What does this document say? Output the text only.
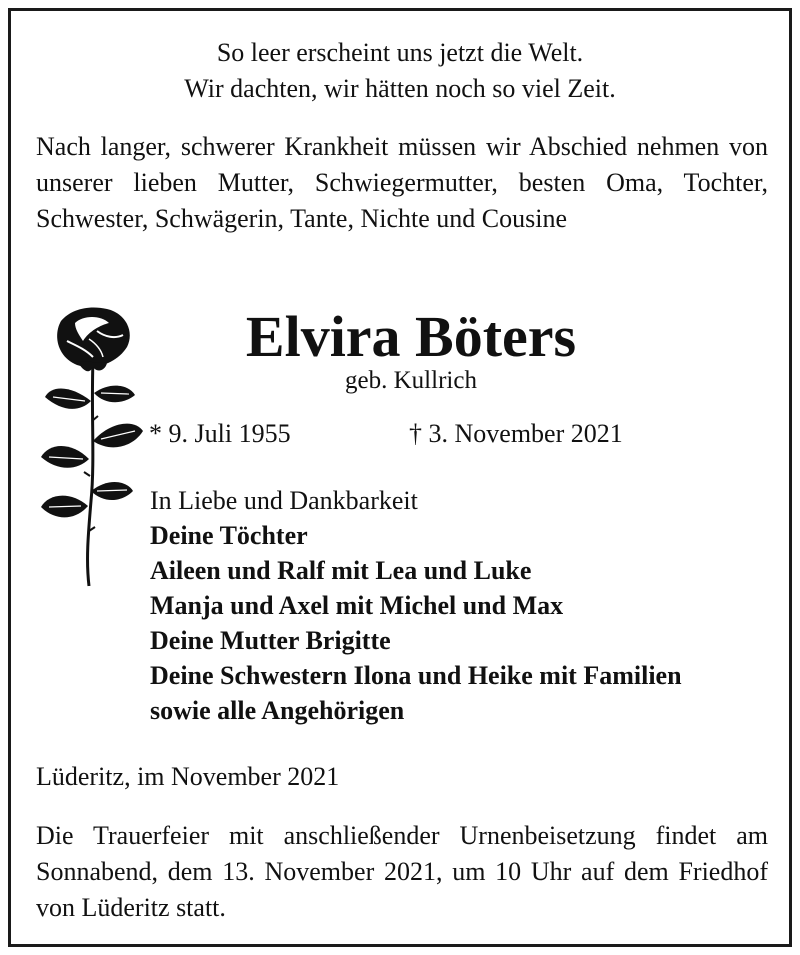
So leer erscheint uns jetzt die Welt.
Wir dachten, wir hätten noch so viel Zeit.
Nach langer, schwerer Krankheit müssen wir Abschied nehmen von unserer lieben Mutter, Schwiegermutter, besten Oma, Tochter, Schwester, Schwägerin, Tante, Nichte und Cousine
Elvira Böters
geb. Kullrich
* 9. Juli 1955	† 3. November 2021
In Liebe und Dankbarkeit
Deine Töchter
Aileen und Ralf mit Lea und Luke
Manja und Axel mit Michel und Max
Deine Mutter Brigitte
Deine Schwestern Ilona und Heike mit Familien
sowie alle Angehörigen
Lüderitz, im November 2021
Die Trauerfeier mit anschließender Urnenbeisetzung findet am Sonnabend, dem 13. November 2021, um 10 Uhr auf dem Friedhof von Lüderitz statt.
